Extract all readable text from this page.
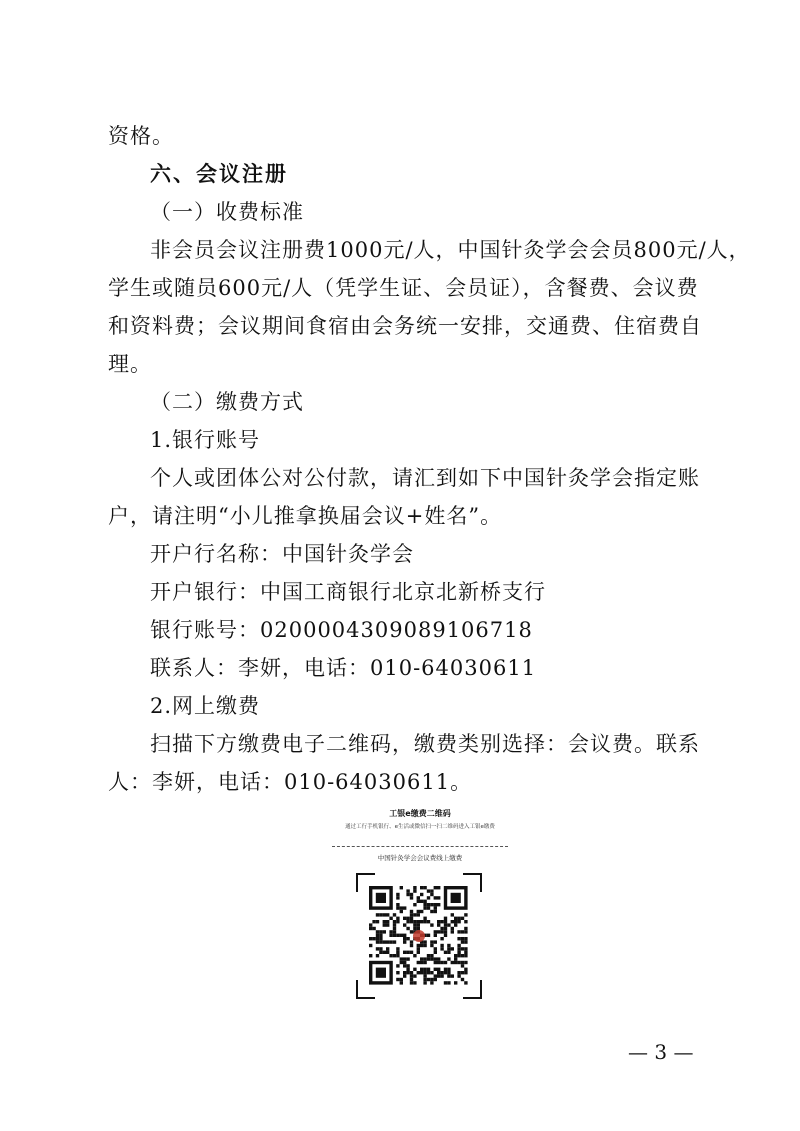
资格。
六、会议注册
（一）收费标准
非会员会议注册费1000元/人，中国针灸学会会员800元/人，
学生或随员600元/人（凭学生证、会员证），含餐费、会议费
和资料费；会议期间食宿由会务统一安排，交通费、住宿费自
理。
（二）缴费方式
1.银行账号
个人或团体公对公付款，请汇到如下中国针灸学会指定账
户，请注明“小儿推拿换届会议+姓名”。
开户行名称：中国针灸学会
开户银行：中国工商银行北京北新桥支行
银行账号：0200004309089106718
联系人：李妍，电话：010-64030611
2.网上缴费
扫描下方缴费电子二维码，缴费类别选择：会议费。联系
人：李妍，电话：010-64030611。
工银e缴费二维码
通过工行手机银行、e生活或微信扫一扫二维码进入工银e缴费
中国针灸学会会议费线上缴费
— 3 —
